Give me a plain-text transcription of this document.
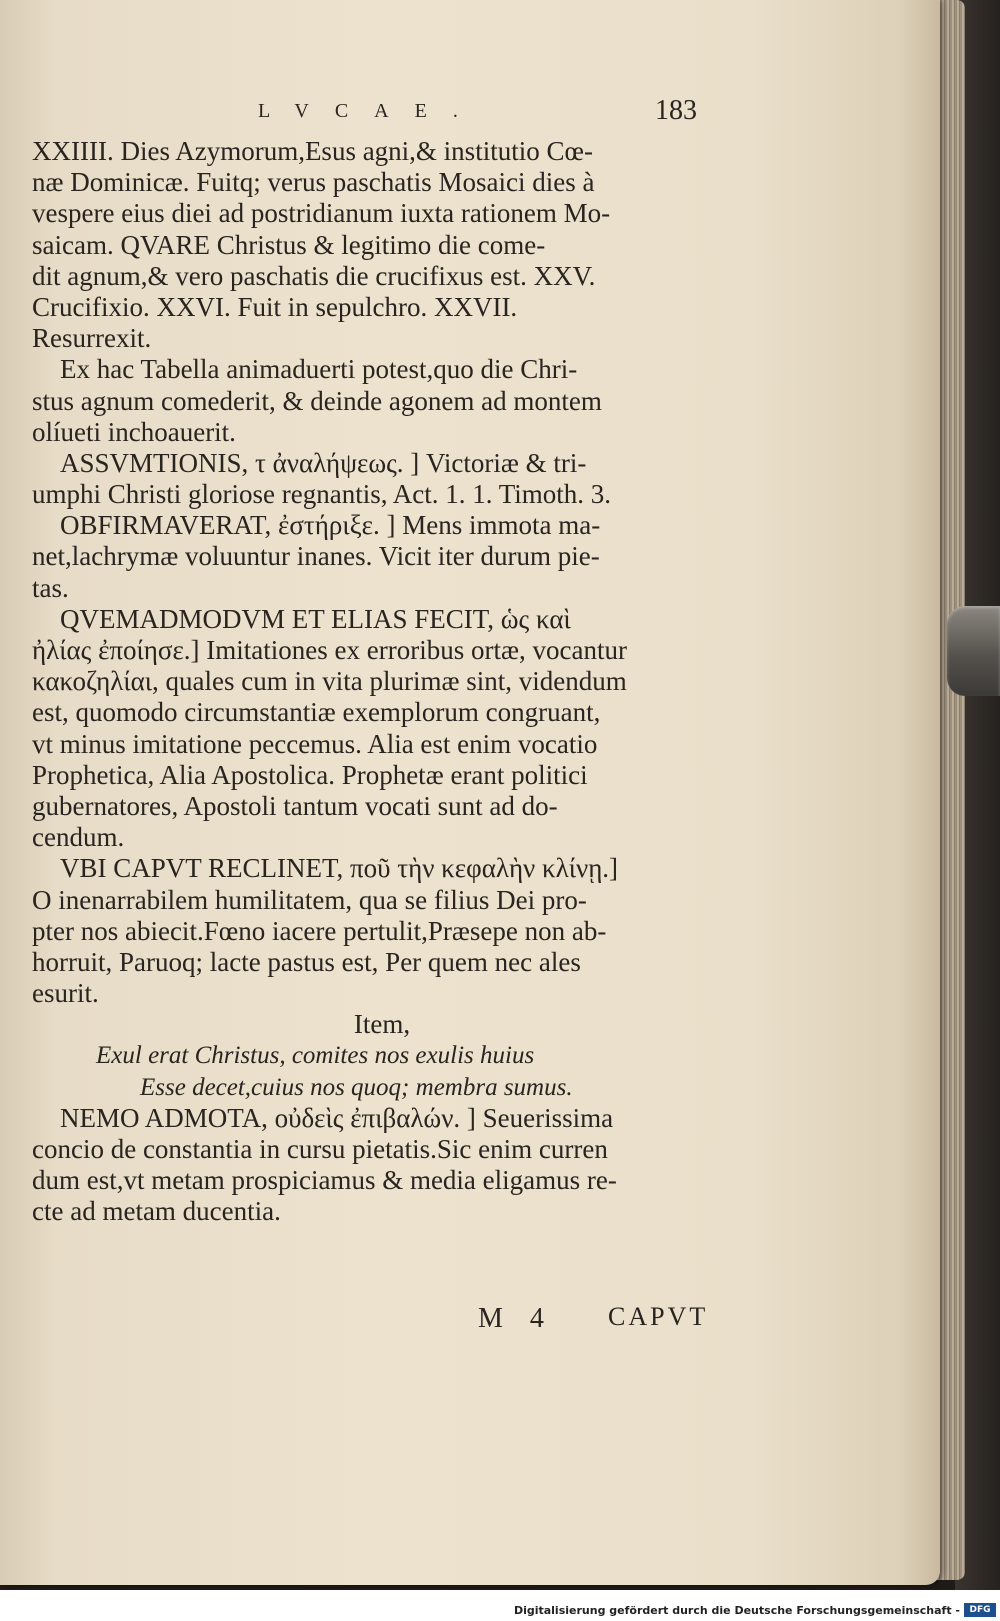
LVCAE.	183
XXIIII. Dies Azymorum,Esus agni,& institutio Cœ-
næ Dominicæ. Fuitq; verus paschatis Mosaici dies à
vespere eius diei ad postridianum iuxta rationem Mo-
saicam. QVARE Christus & legitimo die come-
dit agnum,& vero paschatis die crucifixus est. XXV.
Crucifixio. XXVI. Fuit in sepulchro. XXVII.
Resurrexit.
Ex hac Tabella animaduerti potest,quo die Chri-
stus agnum comederit, & deinde agonem ad montem
olíueti inchoauerit.
ASSVMTIONIS, τ ἀναλήψεως. ] Victoriæ & tri-
umphi Christi gloriose regnantis, Act. 1. 1. Timoth. 3.
OBFIRMAVERAT, ἐστήριξε. ] Mens immota ma-
net,lachrymæ voluuntur inanes. Vicit iter durum pie-
tas.
QVEMADMODVM ET ELIAS FECIT, ὡς καὶ
ἠλίας ἐποίησε.] Imitationes ex erroribus ortæ, vocantur
κακοζηλίαι, quales cum in vita plurimæ sint, videndum
est, quomodo circumstantiæ exemplorum congruant,
vt minus imitatione peccemus. Alia est enim vocatio
Prophetica, Alia Apostolica. Prophetæ erant politici
gubernatores, Apostoli tantum vocati sunt ad do-
cendum.
VBI CAPVT RECLINET, ποῦ τὴν κεφαλὴν κλίνῃ.]
O inenarrabilem humilitatem, qua se filius Dei pro-
pter nos abiecit.Fœno iacere pertulit,Præsepe non ab-
horruit, Paruoq; lacte pastus est, Per quem nec ales
esurit.
Item,
Exul erat Christus, comites nos exulis huius
Esse decet,cuius nos quoq; membra sumus.
NEMO ADMOTA, οὐδεὶς ἐπιβαλών. ] Seuerissima
concio de constantia in cursu pietatis.Sic enim curren
dum est,vt metam prospiciamus & media eligamus re-
cte ad metam ducentia.
M 4 CAPVT
Digitalisierung gefördert durch die Deutsche Forschungsgemeinschaft -	DFG
